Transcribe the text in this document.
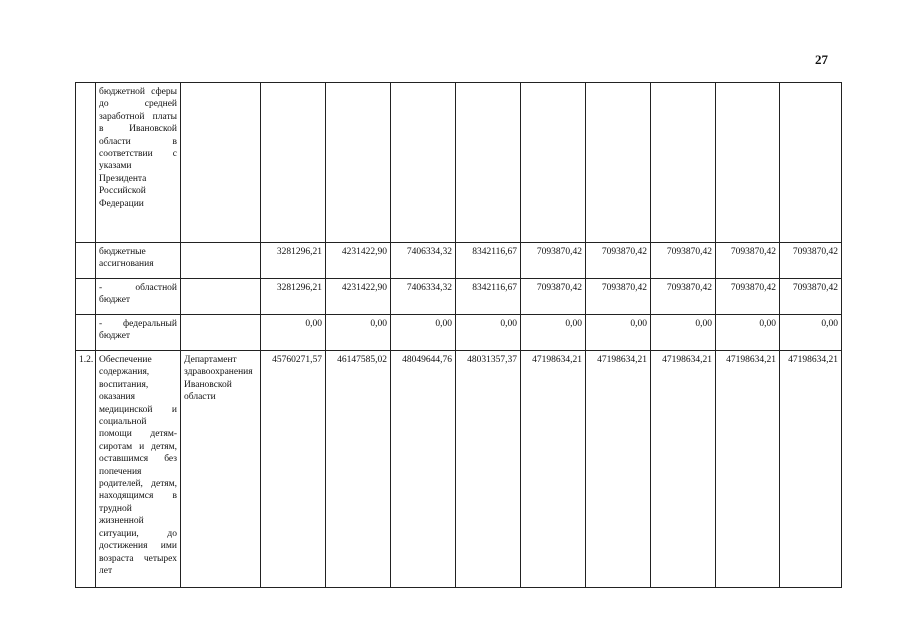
27
	бюджетной сферы до средней заработной платы в Ивановской области в соответствии с указами Президента Российской Федерации										
	бюджетные ассигнования		3281296,21	4231422,90	7406334,32	8342116,67	7093870,42	7093870,42	7093870,42	7093870,42	7093870,42
	- областной бюджет		3281296,21	4231422,90	7406334,32	8342116,67	7093870,42	7093870,42	7093870,42	7093870,42	7093870,42
	- федеральный бюджет		0,00	0,00	0,00	0,00	0,00	0,00	0,00	0,00	0,00
1.2.	Обеспечение содержания, воспитания, оказания медицинской и социальной помощи детям-сиротам и детям, оставшимся без попечения родителей, детям, находящимся в трудной жизненной ситуации, до достижения ими возраста четырех лет	Департамент здравоохранения Ивановской области	45760271,57	46147585,02	48049644,76	48031357,37	47198634,21	47198634,21	47198634,21	47198634,21	47198634,21
